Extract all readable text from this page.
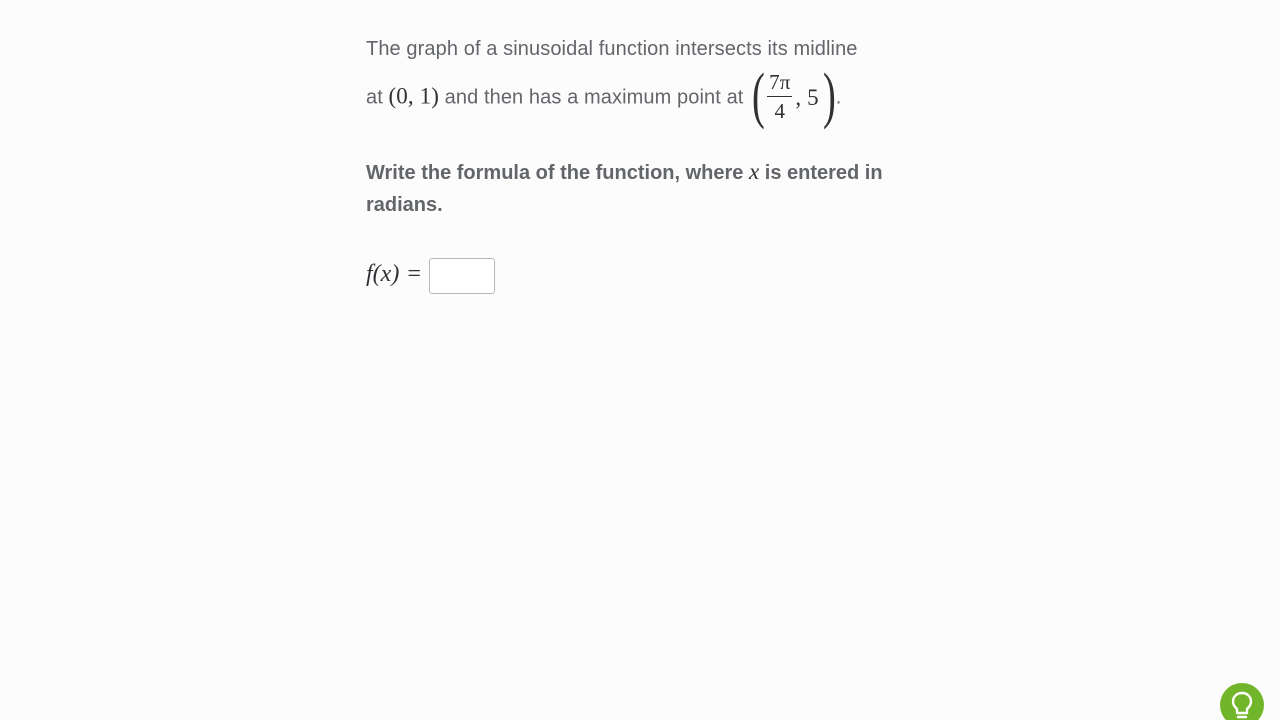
The graph of a sinusoidal function intersects its midline
at (0, 1) and then has a maximum point at ( $\frac{7\pi}{4}$ , 5 ) .
Write the formula of the function, where x is entered in radians.
f(x) =
